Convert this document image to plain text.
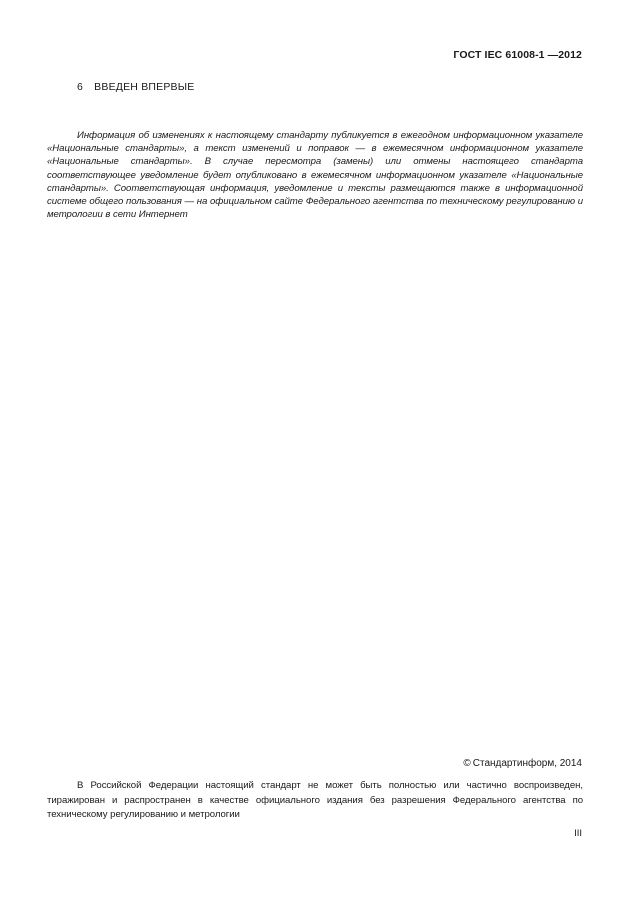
ГОСТ IEC 61008-1 —2012
6 ВВЕДЕН ВПЕРВЫЕ

Информация об изменениях к настоящему стандарту публикуется в ежегодном информационном указателе «Национальные стандарты», а текст изменений и поправок — в ежемесячном информационном указателе «Национальные стандарты». В случае пересмотра (замены) или отмены настоящего стандарта соответствующее уведомление будет опубликовано в ежемесячном информационном указателе «Национальные стандарты». Соответствующая информация, уведомление и тексты размещаются также в информационной системе общего пользования — на официальном сайте Федерального агентства по техническому регулированию и метрологии в сети Интернет

© Стандартинформ, 2014

В Российской Федерации настоящий стандарт не может быть полностью или частично воспроизведен, тиражирован и распространен в качестве официального издания без разрешения Федерального агентства по техническому регулированию и метрологии

III
